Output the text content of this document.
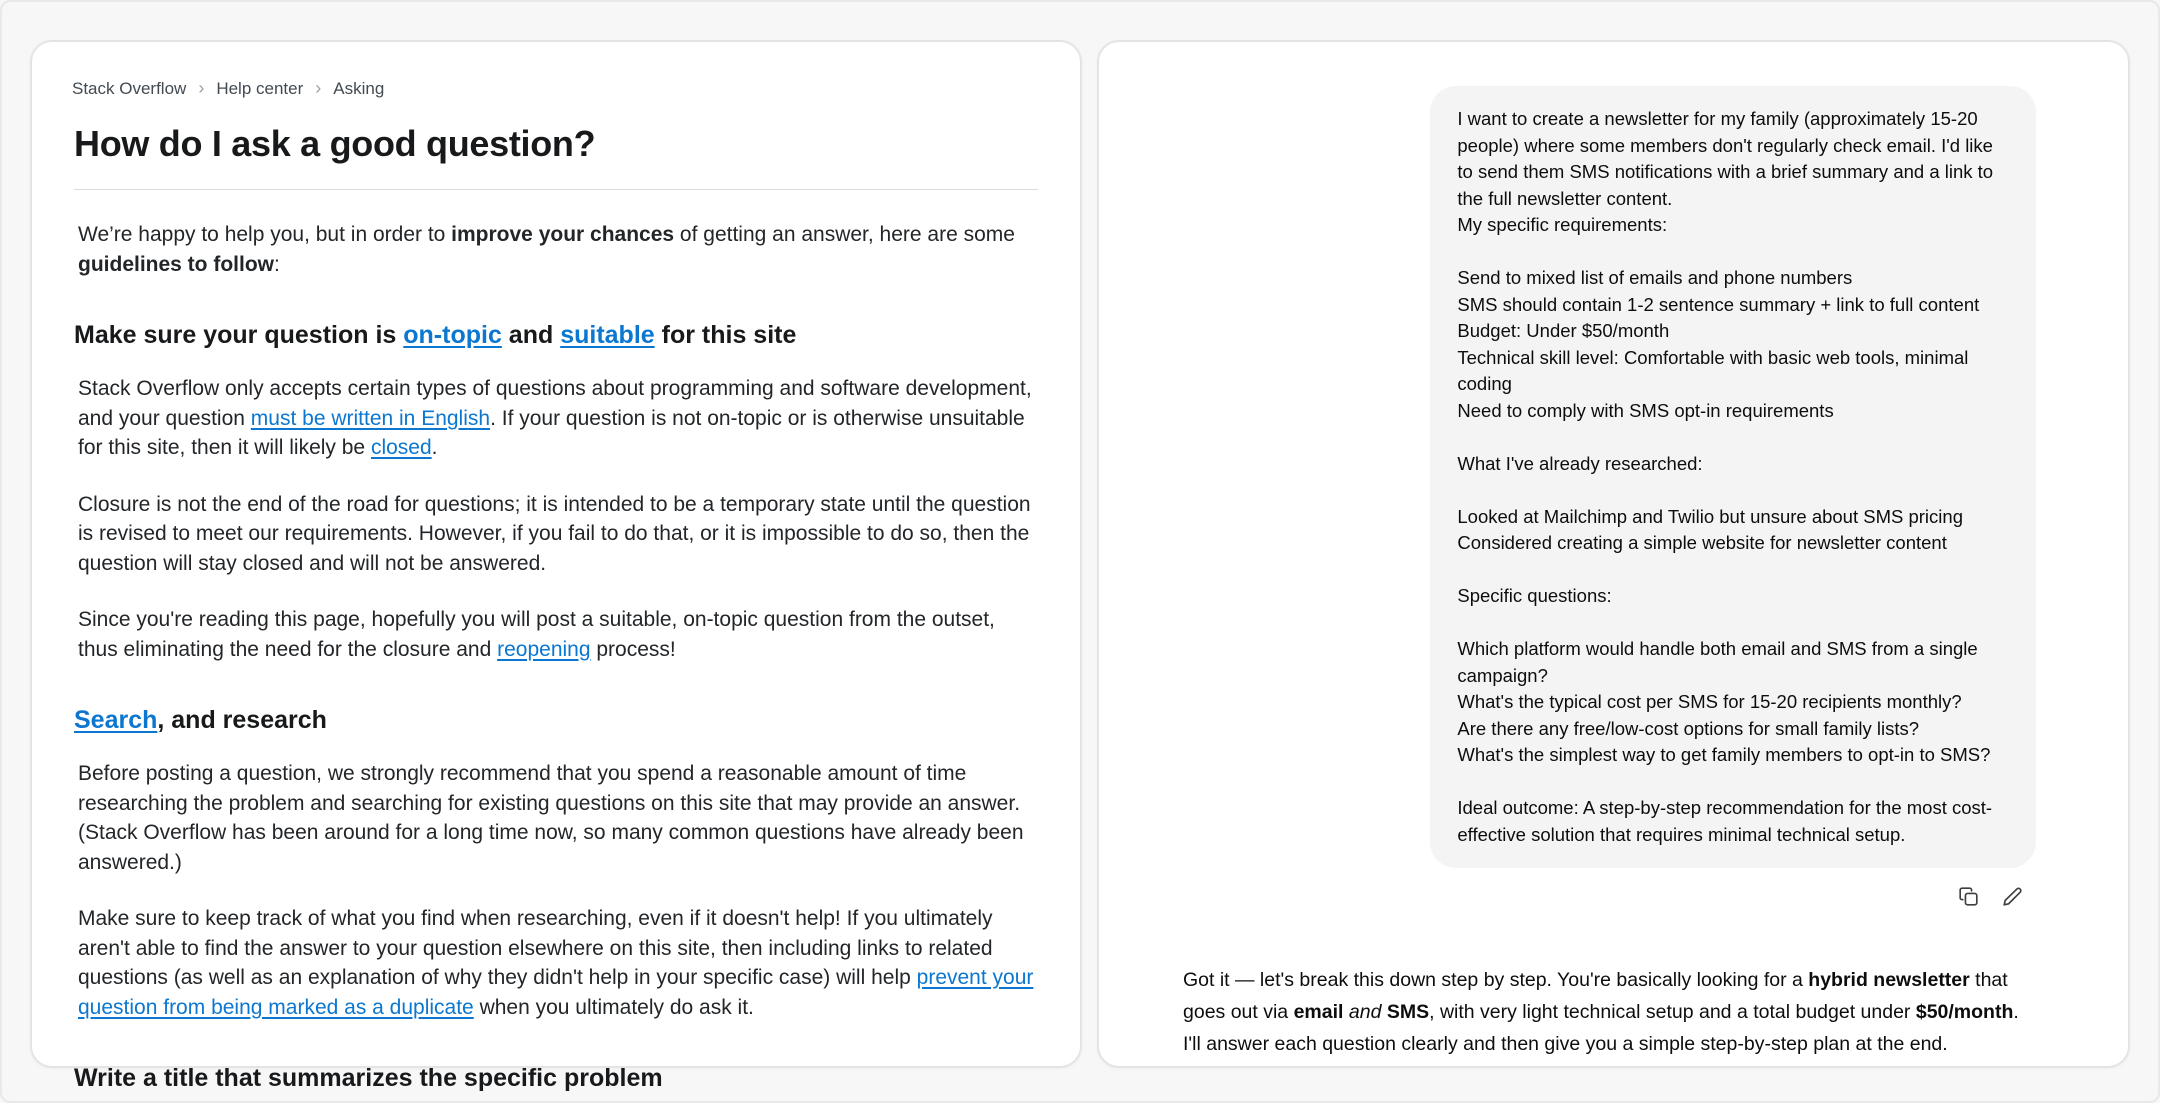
Stack Overflow › Help center › Asking
How do I ask a good question?

We’re happy to help you, but in order to improve your chances of getting an answer, here are some guidelines to follow:

Make sure your question is on-topic and suitable for this site

Stack Overflow only accepts certain types of questions about programming and software development, and your question must be written in English. If your question is not on-topic or is otherwise unsuitable for this site, then it will likely be closed.

Closure is not the end of the road for questions; it is intended to be a temporary state until the question is revised to meet our requirements. However, if you fail to do that, or it is impossible to do so, then the question will stay closed and will not be answered.

Since you're reading this page, hopefully you will post a suitable, on-topic question from the outset, thus eliminating the need for the closure and reopening process!

Search, and research

Before posting a question, we strongly recommend that you spend a reasonable amount of time researching the problem and searching for existing questions on this site that may provide an answer. (Stack Overflow has been around for a long time now, so many common questions have already been answered.)

Make sure to keep track of what you find when researching, even if it doesn't help! If you ultimately aren't able to find the answer to your question elsewhere on this site, then including links to related questions (as well as an explanation of why they didn't help in your specific case) will help prevent your question from being marked as a duplicate when you ultimately do ask it.

Write a title that summarizes the specific problem
I want to create a newsletter for my family (approximately 15-20 people) where some members don't regularly check email. I'd like to send them SMS notifications with a brief summary and a link to the full newsletter content.
My specific requirements:
Send to mixed list of emails and phone numbers
SMS should contain 1-2 sentence summary + link to full content
Budget: Under $50/month
Technical skill level: Comfortable with basic web tools, minimal coding
Need to comply with SMS opt-in requirements
What I've already researched:
Looked at Mailchimp and Twilio but unsure about SMS pricing
Considered creating a simple website for newsletter content
Specific questions:
Which platform would handle both email and SMS from a single campaign?
What's the typical cost per SMS for 15-20 recipients monthly?
Are there any free/low-cost options for small family lists?
What's the simplest way to get family members to opt-in to SMS?
Ideal outcome: A step-by-step recommendation for the most cost-effective solution that requires minimal technical setup.
Got it — let's break this down step by step. You're basically looking for a hybrid newsletter that goes out via email and SMS, with very light technical setup and a total budget under $50/month. I'll answer each question clearly and then give you a simple step-by-step plan at the end.
